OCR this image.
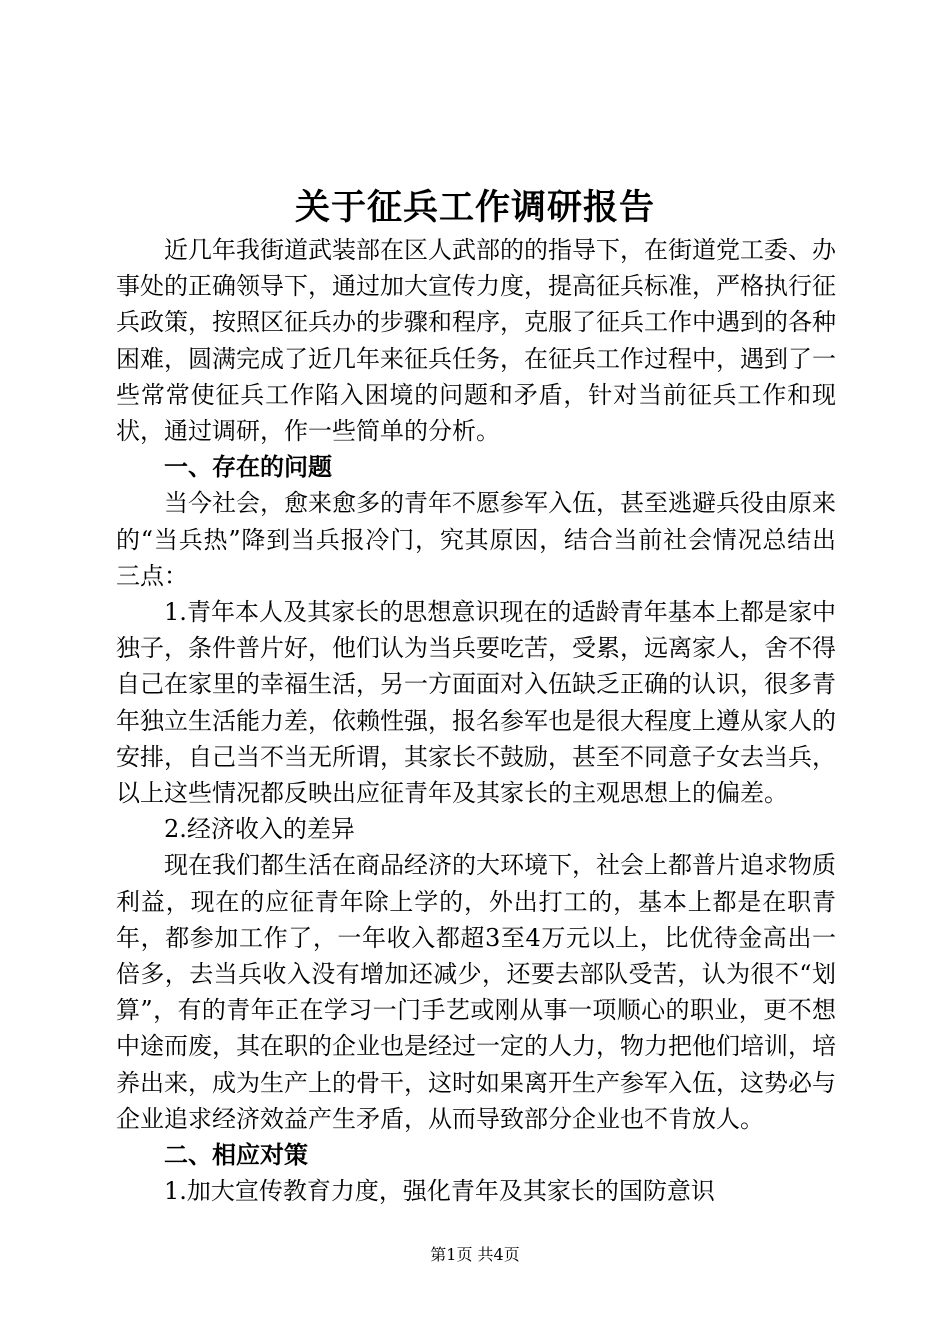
关于征兵工作调研报告

近几年我街道武装部在区人武部的的指导下，在街道党工委、办事处的正确领导下，通过加大宣传力度，提高征兵标准，严格执行征兵政策，按照区征兵办的步骤和程序，克服了征兵工作中遇到的各种困难，圆满完成了近几年来征兵任务，在征兵工作过程中，遇到了一些常常使征兵工作陷入困境的问题和矛盾，针对当前征兵工作和现状，通过调研，作一些简单的分析。

一、存在的问题

当今社会，愈来愈多的青年不愿参军入伍，甚至逃避兵役由原来的“当兵热”降到当兵报冷门，究其原因，结合当前社会情况总结出三点：

1.青年本人及其家长的思想意识现在的适龄青年基本上都是家中独子，条件普片好，他们认为当兵要吃苦，受累，远离家人，舍不得自己在家里的幸福生活，另一方面面对入伍缺乏正确的认识，很多青年独立生活能力差，依赖性强，报名参军也是很大程度上遵从家人的安排，自己当不当无所谓，其家长不鼓励，甚至不同意子女去当兵，以上这些情况都反映出应征青年及其家长的主观思想上的偏差。

2.经济收入的差异

现在我们都生活在商品经济的大环境下，社会上都普片追求物质利益，现在的应征青年除上学的，外出打工的，基本上都是在职青年，都参加工作了，一年收入都超3至4万元以上，比优待金高出一倍多，去当兵收入没有增加还减少，还要去部队受苦，认为很不“划算”，有的青年正在学习一门手艺或刚从事一项顺心的职业，更不想中途而废，其在职的企业也是经过一定的人力，物力把他们培训，培养出来，成为生产上的骨干，这时如果离开生产参军入伍，这势必与企业追求经济效益产生矛盾，从而导致部分企业也不肯放人。

二、相应对策

1.加大宣传教育力度，强化青年及其家长的国防意识

第1页 共4页
